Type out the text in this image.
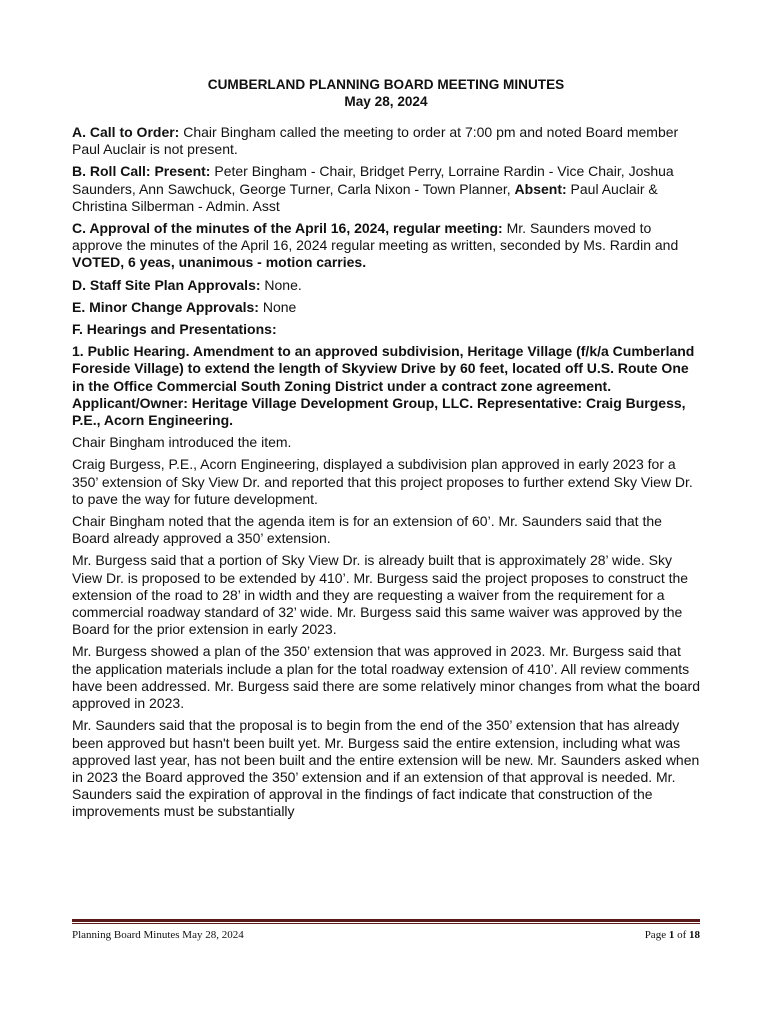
CUMBERLAND PLANNING BOARD MEETING MINUTES
May 28, 2024

A. Call to Order: Chair Bingham called the meeting to order at 7:00 pm and noted Board member Paul Auclair is not present.

B. Roll Call: Present: Peter Bingham - Chair, Bridget Perry, Lorraine Rardin - Vice Chair, Joshua Saunders, Ann Sawchuck, George Turner, Carla Nixon - Town Planner, Absent: Paul Auclair & Christina Silberman - Admin. Asst

C. Approval of the minutes of the April 16, 2024, regular meeting: Mr. Saunders moved to approve the minutes of the April 16, 2024 regular meeting as written, seconded by Ms. Rardin and VOTED, 6 yeas, unanimous - motion carries.

D. Staff Site Plan Approvals: None.

E. Minor Change Approvals: None

F. Hearings and Presentations:

1. Public Hearing. Amendment to an approved subdivision, Heritage Village (f/k/a Cumberland Foreside Village) to extend the length of Skyview Drive by 60 feet, located off U.S. Route One in the Office Commercial South Zoning District under a contract zone agreement. Applicant/Owner: Heritage Village Development Group, LLC. Representative: Craig Burgess, P.E., Acorn Engineering.

Chair Bingham introduced the item.

Craig Burgess, P.E., Acorn Engineering, displayed a subdivision plan approved in early 2023 for a 350’ extension of Sky View Dr. and reported that this project proposes to further extend Sky View Dr. to pave the way for future development.

Chair Bingham noted that the agenda item is for an extension of 60’. Mr. Saunders said that the Board already approved a 350’ extension.

Mr. Burgess said that a portion of Sky View Dr. is already built that is approximately 28’ wide. Sky View Dr. is proposed to be extended by 410’. Mr. Burgess said the project proposes to construct the extension of the road to 28’ in width and they are requesting a waiver from the requirement for a commercial roadway standard of 32’ wide. Mr. Burgess said this same waiver was approved by the Board for the prior extension in early 2023.

Mr. Burgess showed a plan of the 350’ extension that was approved in 2023. Mr. Burgess said that the application materials include a plan for the total roadway extension of 410’. All review comments have been addressed. Mr. Burgess said there are some relatively minor changes from what the board approved in 2023.

Mr. Saunders said that the proposal is to begin from the end of the 350’ extension that has already been approved but hasn't been built yet. Mr. Burgess said the entire extension, including what was approved last year, has not been built and the entire extension will be new. Mr. Saunders asked when in 2023 the Board approved the 350’ extension and if an extension of that approval is needed. Mr. Saunders said the expiration of approval in the findings of fact indicate that construction of the improvements must be substantially

Planning Board Minutes May 28, 2024	Page 1 of 18
